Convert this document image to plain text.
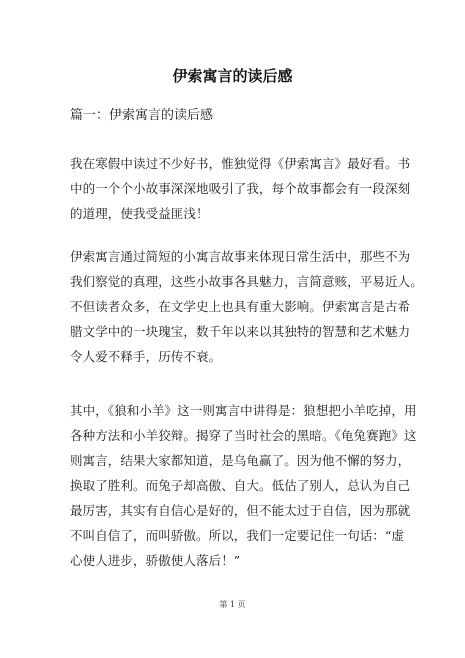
伊索寓言的读后感
篇一：伊索寓言的读后感
我在寒假中读过不少好书，惟独觉得《伊索寓言》最好看。书
中的一个个小故事深深地吸引了我，每个故事都会有一段深刻
的道理，使我受益匪浅！
伊索寓言通过简短的小寓言故事来体现日常生活中，那些不为
我们察觉的真理，这些小故事各具魅力，言简意赅，平易近人。
不但读者众多，在文学史上也具有重大影响。伊索寓言是古希
腊文学中的一块瑰宝，数千年以来以其独特的智慧和艺术魅力
令人爱不释手，历传不衰。
其中，《狼和小羊》这一则寓言中讲得是：狼想把小羊吃掉，用
各种方法和小羊狡辩。揭穿了当时社会的黑暗。《龟兔赛跑》这
则寓言，结果大家都知道，是乌龟赢了。因为他不懈的努力，
换取了胜利。而兔子却高傲、自大。低估了别人，总认为自己
最厉害，其实有自信心是好的，但不能太过于自信，因为那就
不叫自信了，而叫骄傲。所以，我们一定要记住一句话：“虚
心使人进步，骄傲使人落后！”
第 1 页
